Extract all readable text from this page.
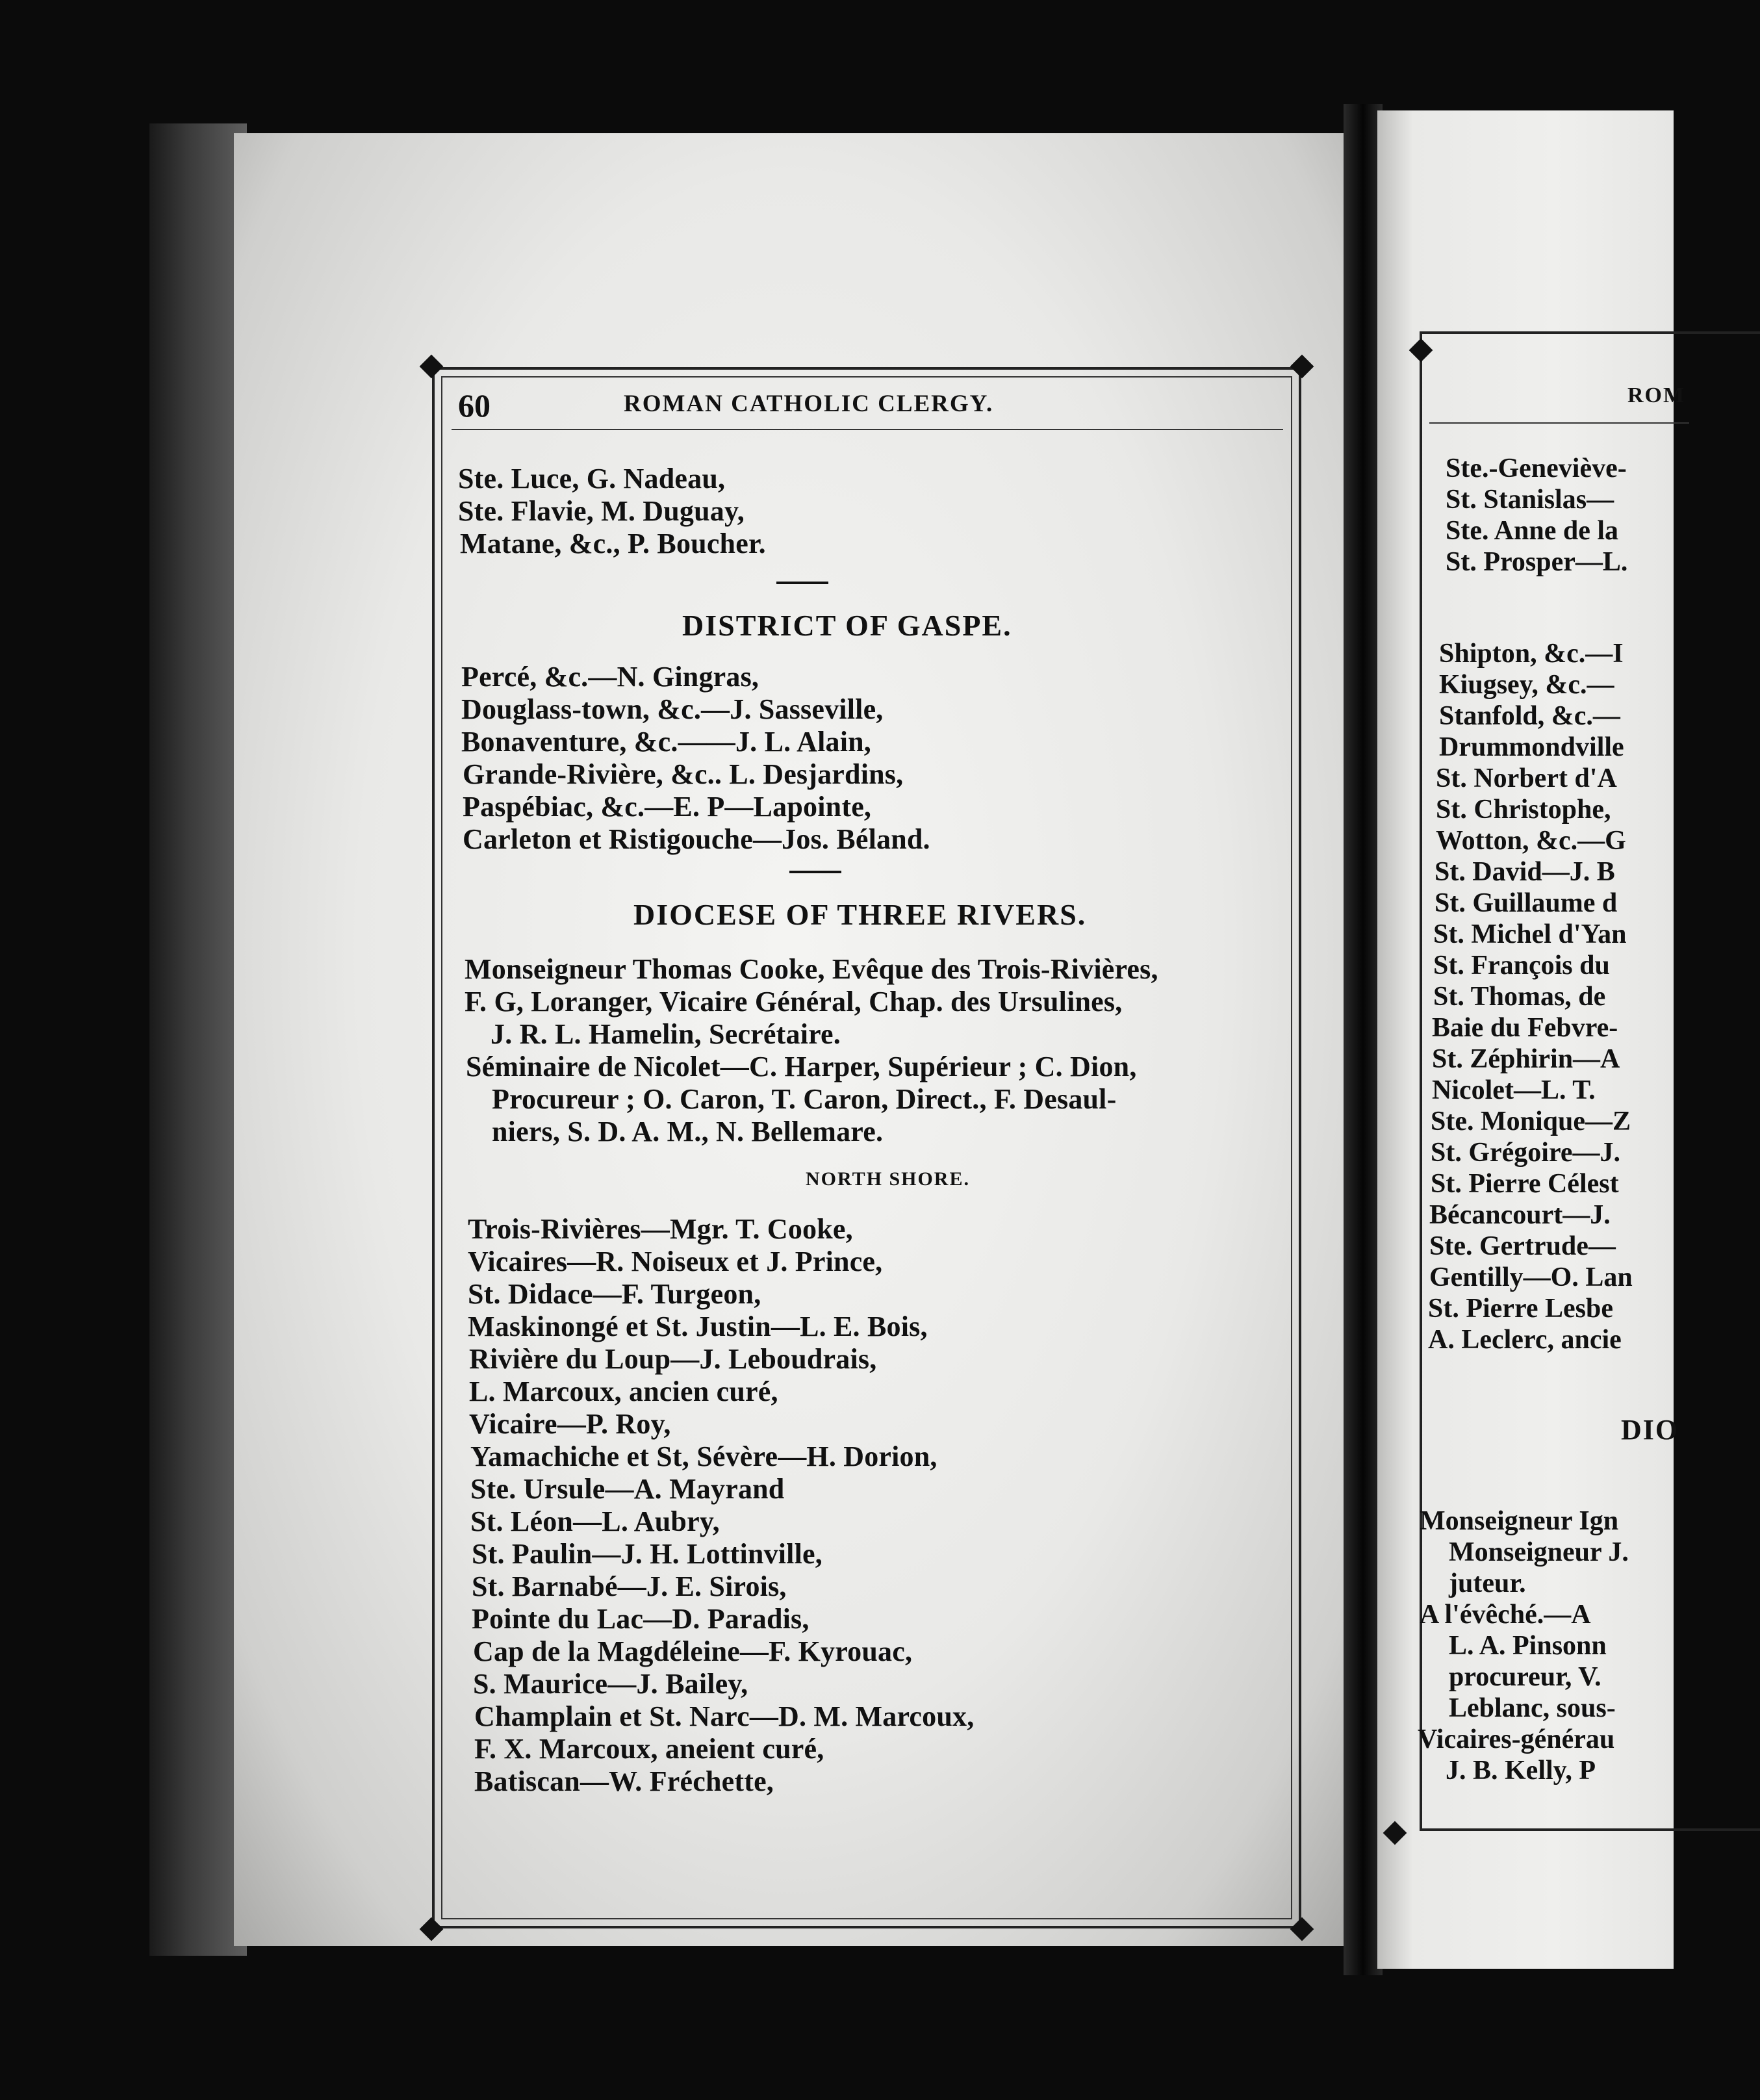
60	ROMAN CATHOLIC CLERGY.
Ste. Luce, G. Nadeau,
Ste. Flavie, M. Duguay,
Matane, &c., P. Boucher.
DISTRICT OF GASPE.
Percé, &c.—N. Gingras,
Douglass-town, &c.—J. Sasseville,
Bonaventure, &c.——J. L. Alain,
Grande-Rivière, &c.. L. Desjardins,
Paspébiac, &c.—E. P—Lapointe,
Carleton et Ristigouche—Jos. Béland.
DIOCESE OF THREE RIVERS.
Monseigneur Thomas Cooke, Evêque des Trois-Rivières,
F. G, Loranger, Vicaire Général, Chap. des Ursulines,
J. R. L. Hamelin, Secrétaire.
Séminaire de Nicolet—C. Harper, Supérieur ; C. Dion,
Procureur ; O. Caron, T. Caron, Direct., F. Desaul-
niers, S. D. A. M., N. Bellemare.
NORTH SHORE.
Trois-Rivières—Mgr. T. Cooke,
Vicaires—R. Noiseux et J. Prince,
St. Didace—F. Turgeon,
Maskinongé et St. Justin—L. E. Bois,
Rivière du Loup—J. Leboudrais,
L. Marcoux, ancien curé,
Vicaire—P. Roy,
Yamachiche et St, Sévère—H. Dorion,
Ste. Ursule—A. Mayrand
St. Léon—L. Aubry,
St. Paulin—J. H. Lottinville,
St. Barnabé—J. E. Sirois,
Pointe du Lac—D. Paradis,
Cap de la Magdéleine—F. Kyrouac,
S. Maurice—J. Bailey,
Champlain et St. Narc—D. M. Marcoux,
F. X. Marcoux, aneient curé,
Batiscan—W. Fréchette,
ROM
Ste.-Geneviève-
St. Stanislas—
Ste. Anne de la
St. Prosper—L.
Shipton, &c.—I
Kiugsey, &c.—
Stanfold, &c.—
Drummondville
St. Norbert d'A
St. Christophe,
Wotton, &c.—G
St. David—J. B
St. Guillaume d
St. Michel d'Yan
St. François du
St. Thomas, de
Baie du Febvre-
St. Zéphirin—A
Nicolet—L. T.
Ste. Monique—Z
St. Grégoire—J.
St. Pierre Célest
Bécancourt—J.
Ste. Gertrude—
Gentilly—O. Lan
St. Pierre Lesbe
A. Leclerc, ancie
DIO
Monseigneur Ign
Monseigneur J.
juteur.
A l'évêché.—A
L. A. Pinsonn
procureur, V.
Leblanc, sous-
Vicaires-générau
J. B. Kelly, P
